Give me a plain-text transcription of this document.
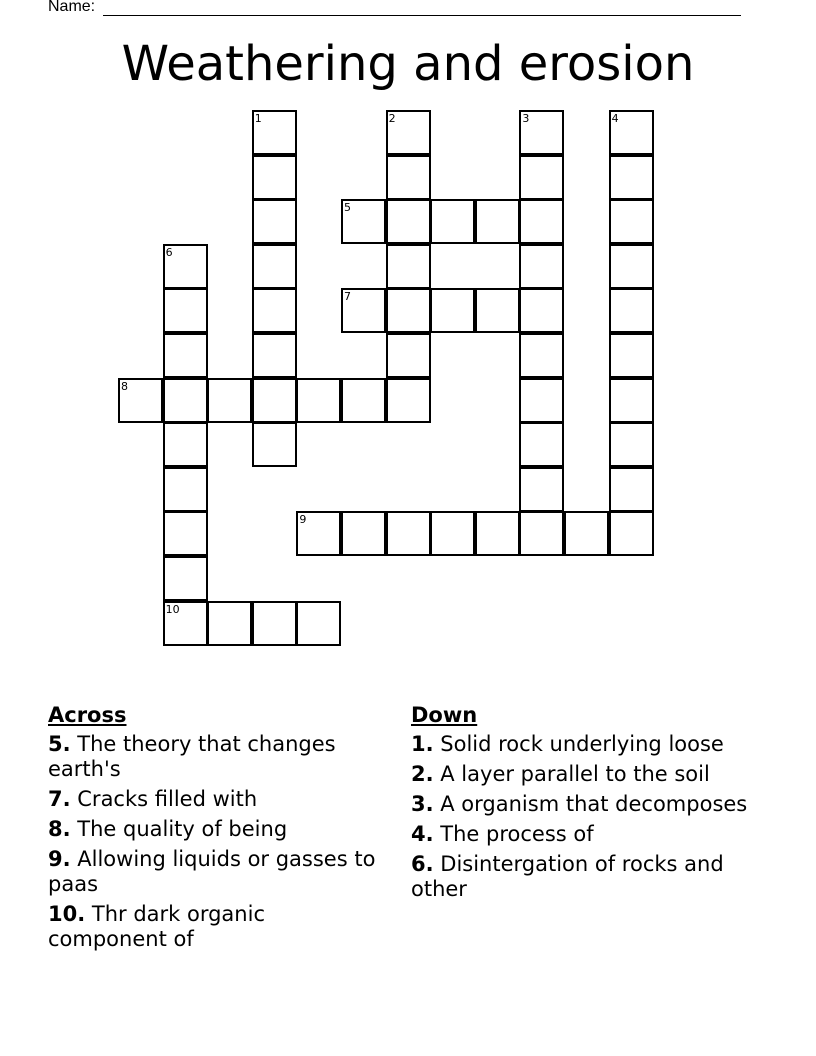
Name:
Weathering and erosion
1	2	3	4
5
6
7
8
9
10
Across
5. The theory that changes earth's
7. Cracks filled with
8. The quality of being
9. Allowing liquids or gasses to paas
10. Thr dark organic component of
Down
1. Solid rock underlying loose
2. A layer parallel to the soil
3. A organism that decomposes
4. The process of
6. Disintergation of rocks and other
